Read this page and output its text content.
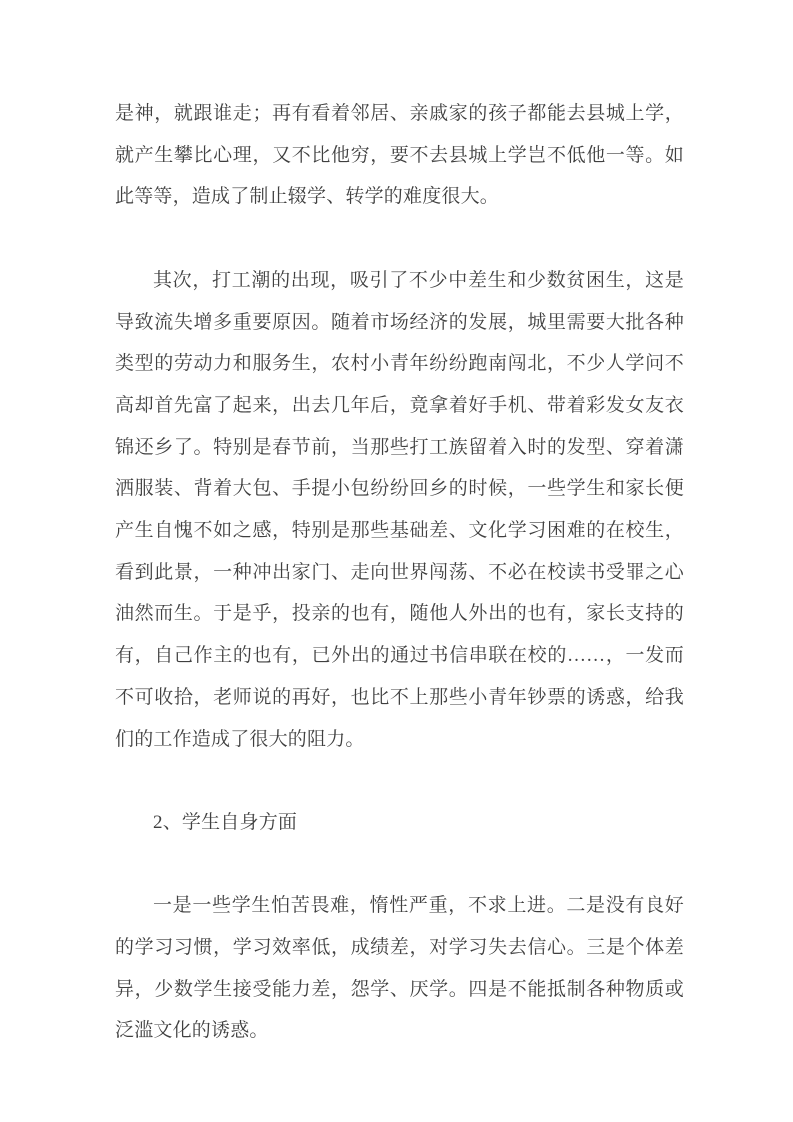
是神，就跟谁走；再有看着邻居、亲戚家的孩子都能去县城上学，就产生攀比心理，又不比他穷，要不去县城上学岂不低他一等。如此等等，造成了制止辍学、转学的难度很大。

其次，打工潮的出现，吸引了不少中差生和少数贫困生，这是导致流失增多重要原因。随着市场经济的发展，城里需要大批各种类型的劳动力和服务生，农村小青年纷纷跑南闯北，不少人学问不高却首先富了起来，出去几年后，竟拿着好手机、带着彩发女友衣锦还乡了。特别是春节前，当那些打工族留着入时的发型、穿着潇洒服装、背着大包、手提小包纷纷回乡的时候，一些学生和家长便产生自愧不如之感，特别是那些基础差、文化学习困难的在校生，看到此景，一种冲出家门、走向世界闯荡、不必在校读书受罪之心油然而生。于是乎，投亲的也有，随他人外出的也有，家长支持的有，自己作主的也有，已外出的通过书信串联在校的……，一发而不可收拾，老师说的再好，也比不上那些小青年钞票的诱惑，给我们的工作造成了很大的阻力。

2、学生自身方面

一是一些学生怕苦畏难，惰性严重，不求上进。二是没有良好的学习习惯，学习效率低，成绩差，对学习失去信心。三是个体差异，少数学生接受能力差，怨学、厌学。四是不能抵制各种物质或泛滥文化的诱惑。
